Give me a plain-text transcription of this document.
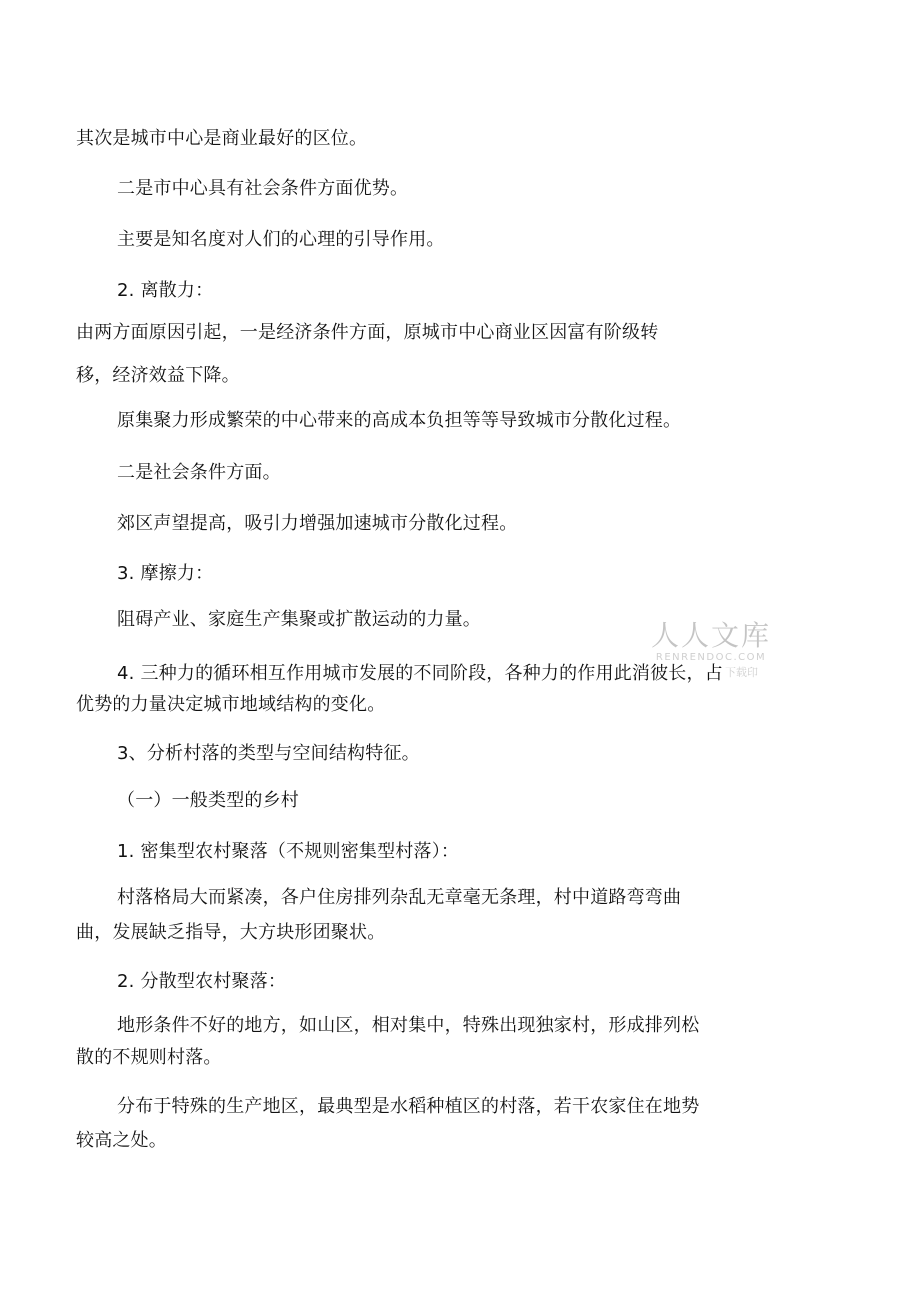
其次是城市中心是商业最好的区位。
二是市中心具有社会条件方面优势。
主要是知名度对人们的心理的引导作用。
2. 离散力：
由两方面原因引起，一是经济条件方面，原城市中心商业区因富有阶级转
移，经济效益下降。
原集聚力形成繁荣的中心带来的高成本负担等等导致城市分散化过程。
二是社会条件方面。
郊区声望提高，吸引力增强加速城市分散化过程。
3. 摩擦力：
阻碍产业、家庭生产集聚或扩散运动的力量。
4. 三种力的循环相互作用城市发展的不同阶段，各种力的作用此消彼长，占
优势的力量决定城市地域结构的变化。
3、分析村落的类型与空间结构特征。
（一）一般类型的乡村
1. 密集型农村聚落（不规则密集型村落）：
村落格局大而紧凑，各户住房排列杂乱无章毫无条理，村中道路弯弯曲
曲，发展缺乏指导，大方块形团聚状。
2. 分散型农村聚落：
地形条件不好的地方，如山区，相对集中，特殊出现独家村，形成排列松
散的不规则村落。
分布于特殊的生产地区，最典型是水稻种植区的村落，若干农家住在地势
较高之处。
人人文库
RENRENDOC.COM
下载印
